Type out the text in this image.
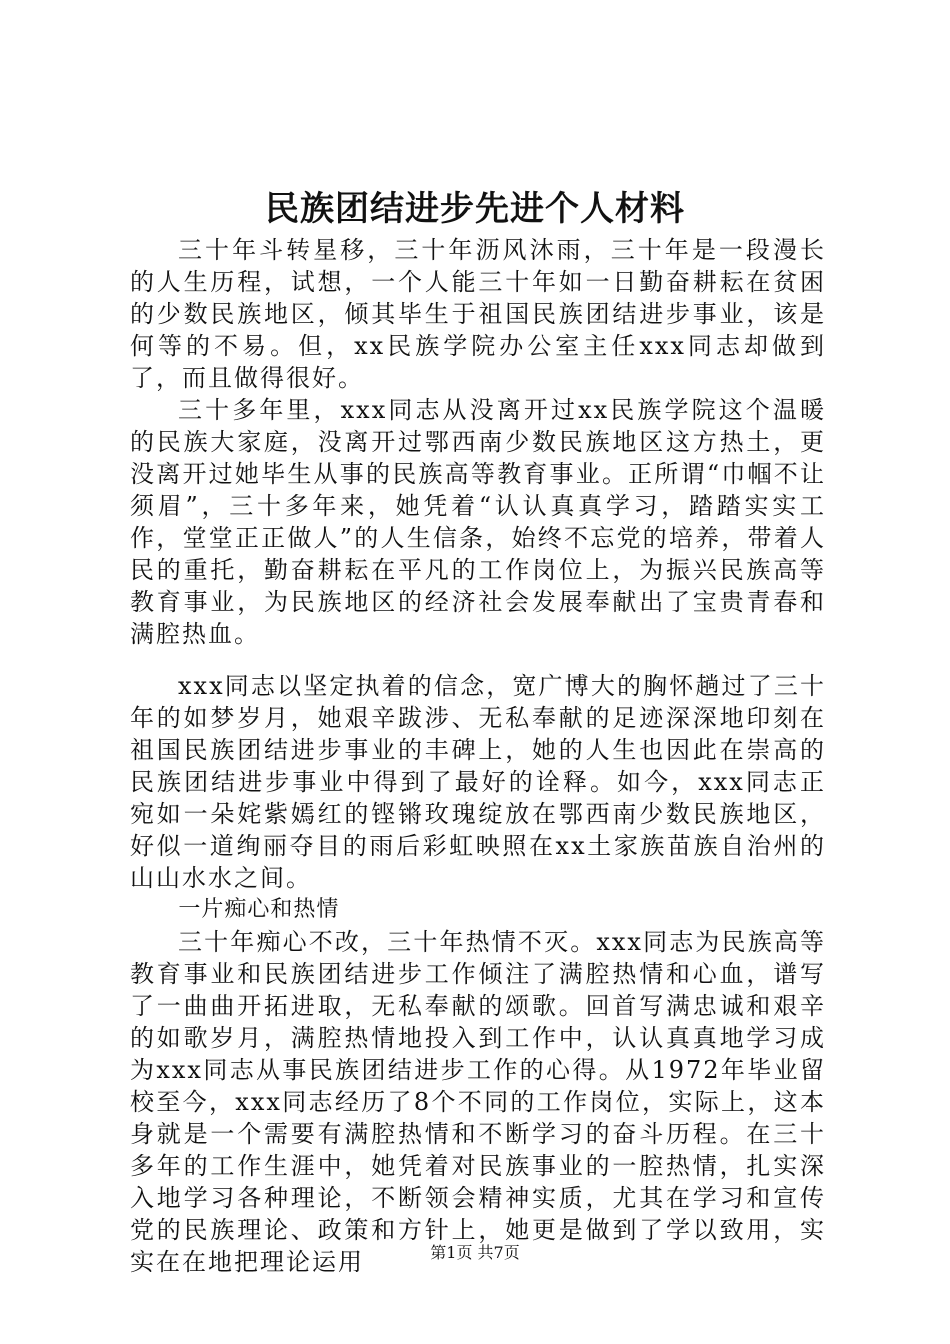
民族团结进步先进个人材料

三十年斗转星移，三十年沥风沐雨，三十年是一段漫长的人生历程，试想，一个人能三十年如一日勤奋耕耘在贫困的少数民族地区，倾其毕生于祖国民族团结进步事业，该是何等的不易。但，xx民族学院办公室主任xxx同志却做到了，而且做得很好。

三十多年里，xxx同志从没离开过xx民族学院这个温暖的民族大家庭，没离开过鄂西南少数民族地区这方热土，更没离开过她毕生从事的民族高等教育事业。正所谓“巾帼不让须眉”，三十多年来，她凭着“认认真真学习，踏踏实实工作，堂堂正正做人”的人生信条，始终不忘党的培养，带着人民的重托，勤奋耕耘在平凡的工作岗位上，为振兴民族高等教育事业，为民族地区的经济社会发展奉献出了宝贵青春和满腔热血。

xxx同志以坚定执着的信念，宽广博大的胸怀趟过了三十年的如梦岁月，她艰辛跋涉、无私奉献的足迹深深地印刻在祖国民族团结进步事业的丰碑上，她的人生也因此在崇高的民族团结进步事业中得到了最好的诠释。如今，xxx同志正宛如一朵姹紫嫣红的铿锵玫瑰绽放在鄂西南少数民族地区，好似一道绚丽夺目的雨后彩虹映照在xx土家族苗族自治州的山山水水之间。

一片痴心和热情

三十年痴心不改，三十年热情不灭。xxx同志为民族高等教育事业和民族团结进步工作倾注了满腔热情和心血，谱写了一曲曲开拓进取，无私奉献的颂歌。回首写满忠诚和艰辛的如歌岁月，满腔热情地投入到工作中，认认真真地学习成为xxx同志从事民族团结进步工作的心得。从1972年毕业留校至今，xxx同志经历了8个不同的工作岗位，实际上，这本身就是一个需要有满腔热情和不断学习的奋斗历程。在三十多年的工作生涯中，她凭着对民族事业的一腔热情，扎实深入地学习各种理论，不断领会精神实质，尤其在学习和宣传党的民族理论、政策和方针上，她更是做到了学以致用，实实在在地把理论运用	第1页 共7页
